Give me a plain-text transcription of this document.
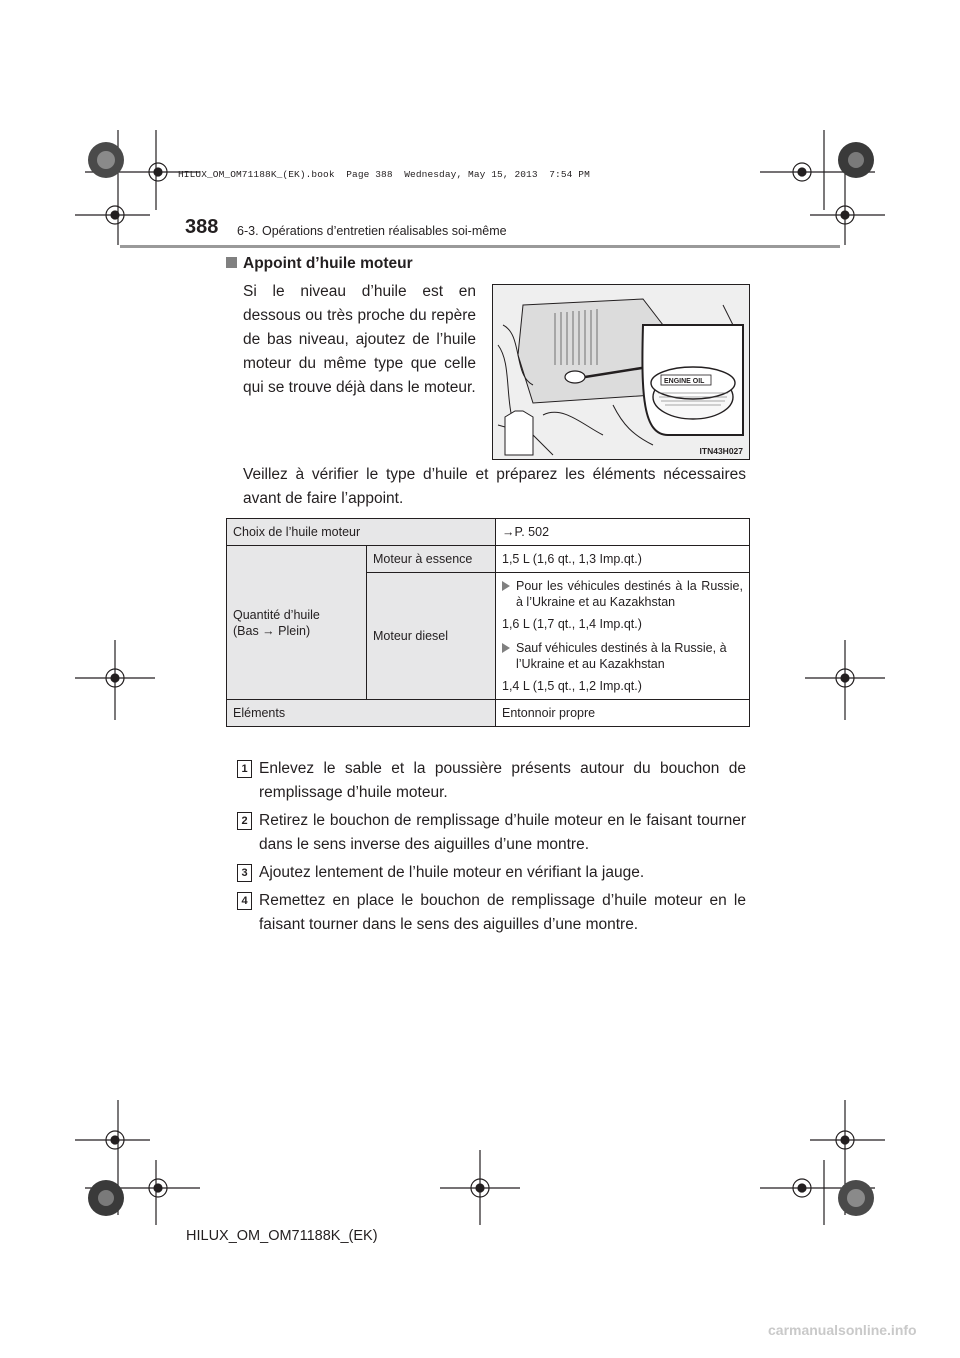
HILUX_OM_OM71188K_(EK).book  Page 388  Wednesday, May 15, 2013  7:54 PM
388 6-3. Opérations d’entretien réalisables soi-même
Appoint d’huile moteur
Si le niveau d’huile est en dessous ou très proche du repère de bas niveau, ajoutez de l’huile moteur du même type que celle qui se trouve déjà dans le moteur.	ENGINE OIL
ITN43H027
Veillez à vérifier le type d’huile et préparez les éléments nécessaires avant de faire l’appoint.
Choix de l’huile moteur		→P. 502

Quantité d’huile
(Bas → Plein)	Moteur à essence	1,5 L (1,6 qt., 1,3 Imp.qt.)
	Moteur diesel	Pour les véhicules destinés à la Russie, à l’Ukraine et au Kazakhstan
1,6 L (1,7 qt., 1,4 Imp.qt.)
Sauf véhicules destinés à la Russie, à l’Ukraine et au Kazakhstan
1,4 L (1,5 qt., 1,2 Imp.qt.)

Eléments		Entonnoir propre
1 Enlevez le sable et la poussière présents autour du bouchon de remplissage d’huile moteur.
2 Retirez le bouchon de remplissage d’huile moteur en le faisant tourner dans le sens inverse des aiguilles d’une montre.
3 Ajoutez lentement de l’huile moteur en vérifiant la jauge.
4 Remettez en place le bouchon de remplissage d’huile moteur en le faisant tourner dans le sens des aiguilles d’une montre.
HILUX_OM_OM71188K_(EK)
carmanualsonline.info
